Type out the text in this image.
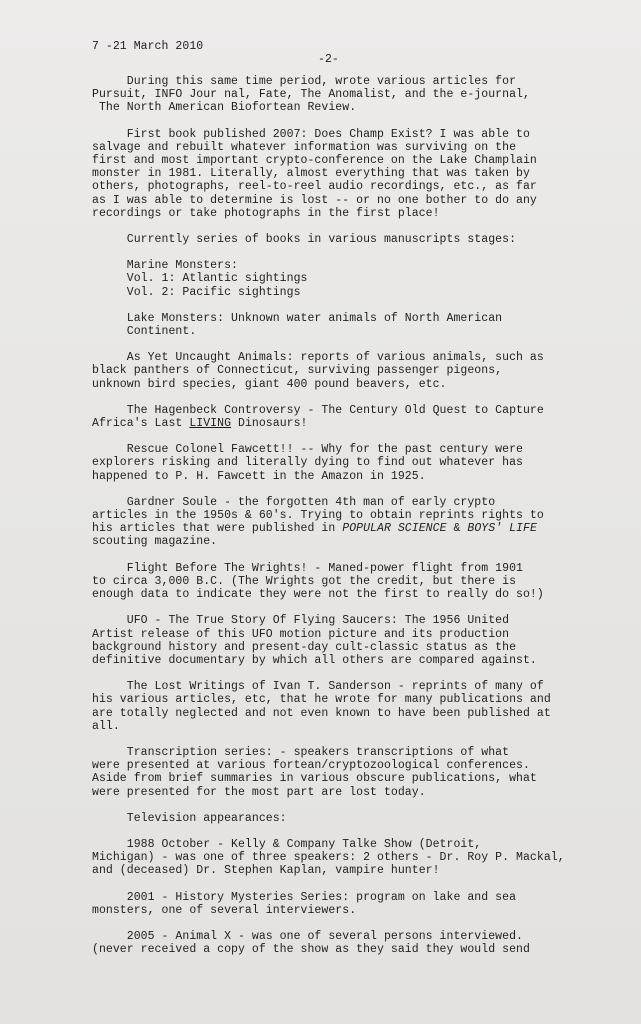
7 -21 March 2010
-2-

During this same time period, wrote various articles for

Pursuit, INFO Jour nal, Fate, The Anomalist, and the e-journal,

The North American Biofortean Review.

First book published 2007: Does Champ Exist? I was able to

salvage and rebuilt whatever information was surviving on the

first and most important crypto-conference on the Lake Champlain

monster in 1981. Literally, almost everything that was taken by

others, photographs, reel-to-reel audio recordings, etc., as far

as I was able to determine is lost -- or no one bother to do any

recordings or take photographs in the first place!

Currently series of books in various manuscripts stages:

Marine Monsters:

Vol. 1: Atlantic sightings

Vol. 2: Pacific sightings

Lake Monsters: Unknown water animals of North American

Continent.

As Yet Uncaught Animals: reports of various animals, such as

black panthers of Connecticut, surviving passenger pigeons,

unknown bird species, giant 400 pound beavers, etc.

The Hagenbeck Controversy - The Century Old Quest to Capture

Africa's Last LIVING Dinosaurs!

Rescue Colonel Fawcett!! -- Why for the past century were

explorers risking and literally dying to find out whatever has

happened to P. H. Fawcett in the Amazon in 1925.

Gardner Soule - the forgotten 4th man of early crypto

articles in the 1950s & 60's. Trying to obtain reprints rights to

his articles that were published in POPULAR SCIENCE & BOYS' LIFE

scouting magazine.

Flight Before The Wrights! - Maned-power flight from 1901

to circa 3,000 B.C. (The Wrights got the credit, but there is

enough data to indicate they were not the first to really do so!)

UFO - The True Story Of Flying Saucers: The 1956 United

Artist release of this UFO motion picture and its production

background history and present-day cult-classic status as the

definitive documentary by which all others are compared against.

The Lost Writings of Ivan T. Sanderson - reprints of many of

his various articles, etc, that he wrote for many publications and

are totally neglected and not even known to have been published at

all.

Transcription series: - speakers transcriptions of what

were presented at various fortean/cryptozoological conferences.

Aside from brief summaries in various obscure publications, what

were presented for the most part are lost today.

Television appearances:

1988 October - Kelly & Company Talke Show (Detroit,

Michigan) - was one of three speakers: 2 others - Dr. Roy P. Mackal,

and (deceased) Dr. Stephen Kaplan, vampire hunter!

2001 - History Mysteries Series: program on lake and sea

monsters, one of several interviewers.

2005 - Animal X - was one of several persons interviewed.

(never received a copy of the show as they said they would send
